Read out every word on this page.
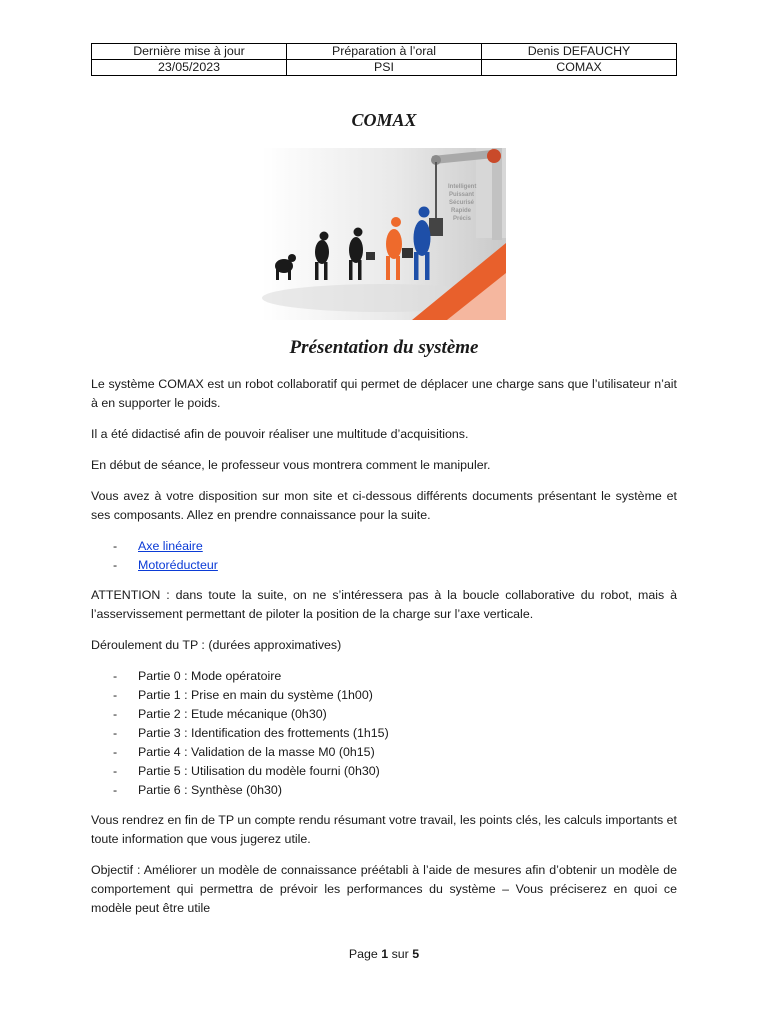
Dernière mise à jour	Préparation à l’oral	Denis DEFAUCHY
23/05/2023	PSI	COMAX
COMAX
Intelligent
Puissant
Sécurisé
Rapide
Précis
Présentation du système

Le système COMAX est un robot collaboratif qui permet de déplacer une charge sans que l’utilisateur n’ait à en supporter le poids.

Il a été didactisé afin de pouvoir réaliser une multitude d’acquisitions.

En début de séance, le professeur vous montrera comment le manipuler.

Vous avez à votre disposition sur mon site et ci-dessous différents documents présentant le système et ses composants. Allez en prendre connaissance pour la suite.

- Axe linéaire
- Motoréducteur

ATTENTION : dans toute la suite, on ne s’intéressera pas à la boucle collaborative du robot, mais à l’asservissement permettant de piloter la position de la charge sur l’axe verticale.

Déroulement du TP : (durées approximatives)

- Partie 0 : Mode opératoire
- Partie 1 : Prise en main du système (1h00)
- Partie 2 : Etude mécanique (0h30)
- Partie 3 : Identification des frottements (1h15)
- Partie 4 : Validation de la masse M0 (0h15)
- Partie 5 : Utilisation du modèle fourni (0h30)
- Partie 6 : Synthèse (0h30)

Vous rendrez en fin de TP un compte rendu résumant votre travail, les points clés, les calculs importants et toute information que vous jugerez utile.

Objectif : Améliorer un modèle de connaissance préétabli à l’aide de mesures afin d’obtenir un modèle de comportement qui permettra de prévoir les performances du système – Vous préciserez en quoi ce modèle peut être utile

Page 1 sur 5
